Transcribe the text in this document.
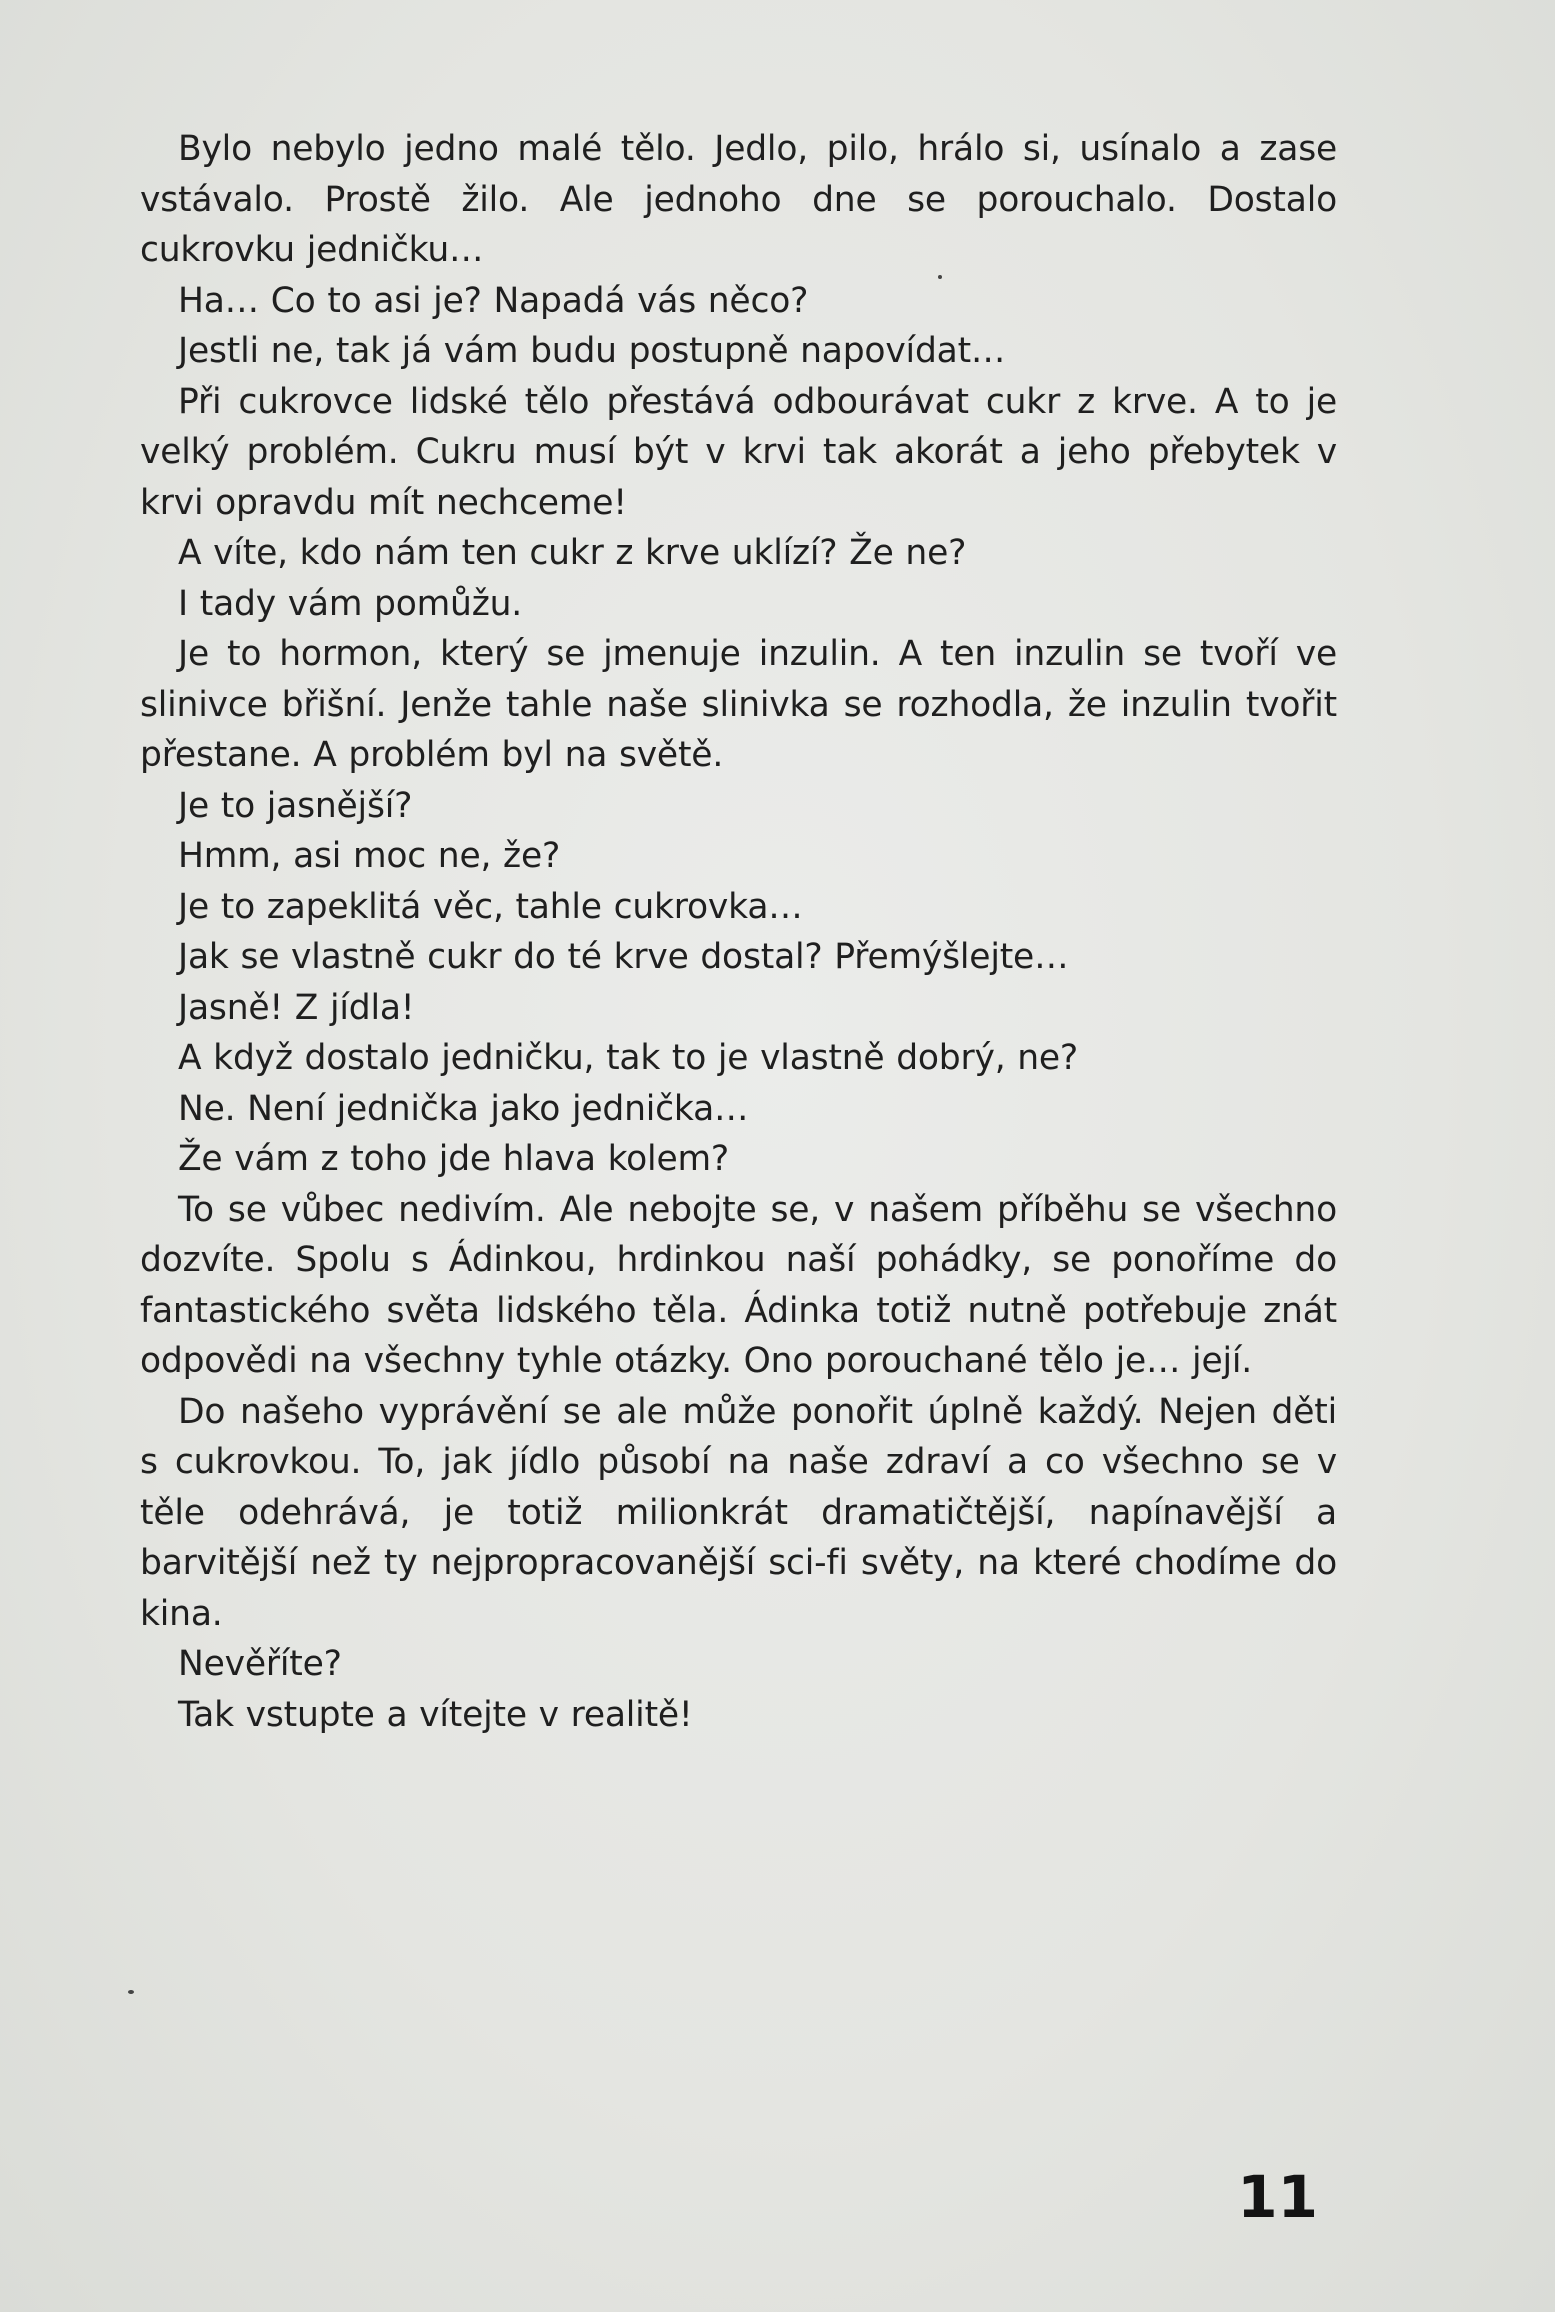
Bylo nebylo jedno malé tělo. Jedlo, pilo, hrálo si, usínalo a zase vstávalo. Prostě žilo. Ale jednoho dne se porouchalo. Dostalo cukrovku jedničku…

Ha… Co to asi je? Napadá vás něco?

Jestli ne, tak já vám budu postupně napovídat…

Při cukrovce lidské tělo přestává odbourávat cukr z krve. A to je velký problém. Cukru musí být v krvi tak akorát a jeho přebytek v krvi opravdu mít nechceme!

A víte, kdo nám ten cukr z krve uklízí? Že ne?

I tady vám pomůžu.

Je to hormon, který se jmenuje inzulin. A ten inzulin se tvoří ve slinivce břišní. Jenže tahle naše slinivka se rozhodla, že inzulin tvořit přestane. A problém byl na světě.

Je to jasnější?

Hmm, asi moc ne, že?

Je to zapeklitá věc, tahle cukrovka…

Jak se vlastně cukr do té krve dostal? Přemýšlejte…

Jasně! Z jídla!

A když dostalo jedničku, tak to je vlastně dobrý, ne?

Ne. Není jednička jako jednička…

Že vám z toho jde hlava kolem?

To se vůbec nedivím. Ale nebojte se, v našem příběhu se všechno dozvíte. Spolu s Ádinkou, hrdinkou naší pohádky, se ponoříme do fantastického světa lidského těla. Ádinka totiž nutně potřebuje znát odpovědi na všechny tyhle otázky. Ono porouchané tělo je… její.

Do našeho vyprávění se ale může ponořit úplně každý. Nejen děti s cukrovkou. To, jak jídlo působí na naše zdraví a co všechno se v těle odehrává, je totiž milionkrát dramatičtější, napínavější a barvitější než ty nejpropracovanější sci-fi světy, na které chodíme do kina.

Nevěříte?

Tak vstupte a vítejte v realitě!

11
